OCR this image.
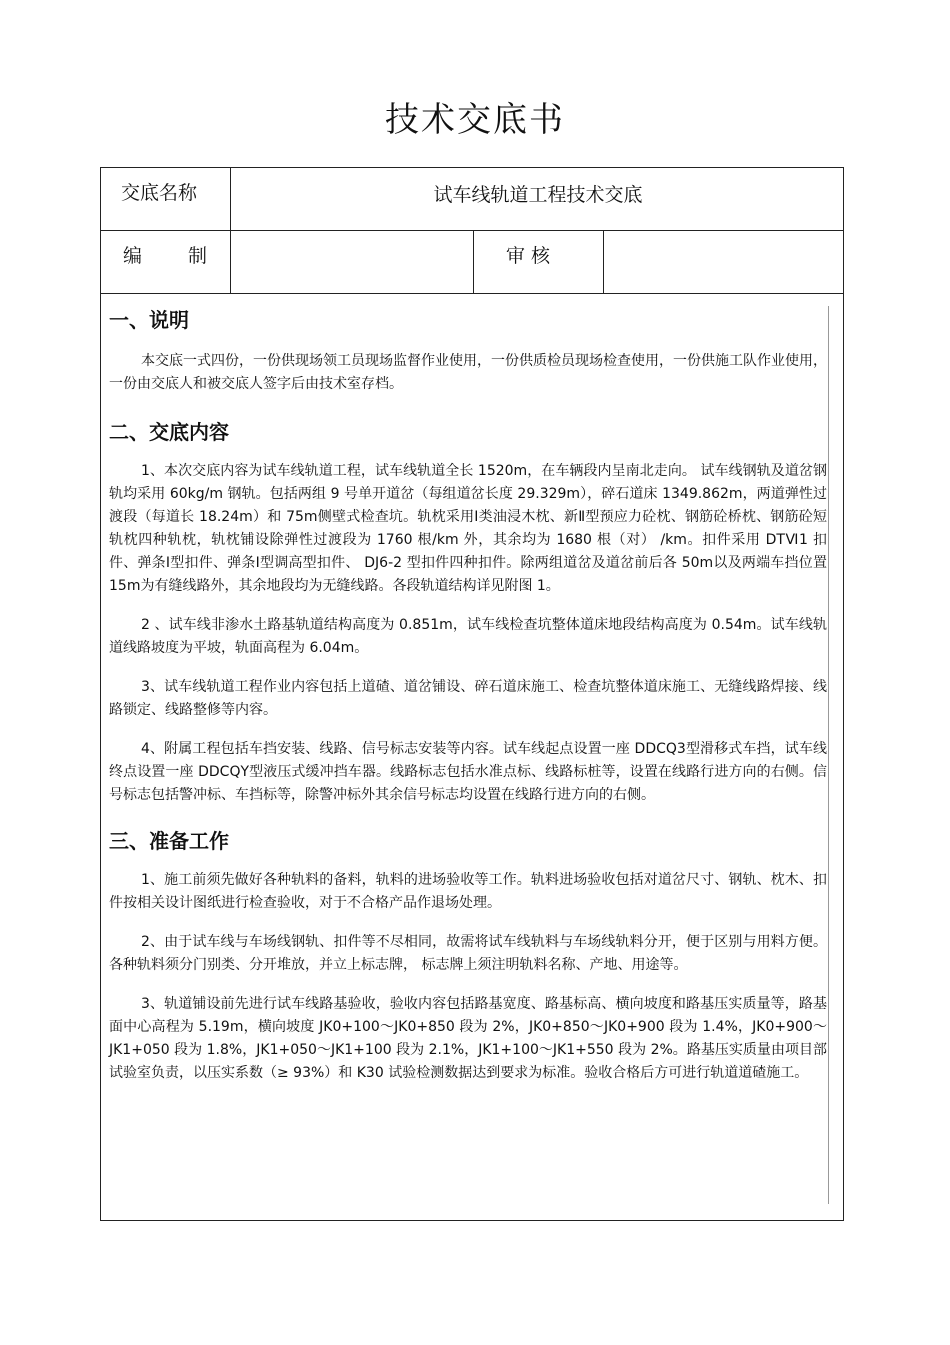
技术交底书
交底名称	试车线轨道工程技术交底
编 制	审 核
一、说明

本交底一式四份，一份供现场领工员现场监督作业使用，一份供质检员现场检查使用，一份供施工队作业使用，一份由交底人和被交底人签字后由技术室存档。

二、交底内容

1、本次交底内容为试车线轨道工程，试车线轨道全长 1520m，在车辆段内呈南北走向。 试车线钢轨及道岔钢轨均采用 60kg/m 钢轨。包括两组 9 号单开道岔（每组道岔长度 29.329m），碎石道床 1349.862m，两道弹性过渡段（每道长 18.24m）和 75m侧壁式检查坑。轨枕采用Ⅰ类油浸木枕、新Ⅱ型预应力砼枕、钢筋砼桥枕、钢筋砼短轨枕四种轨枕，轨枕铺设除弹性过渡段为 1760 根/km 外，其余均为 1680 根（对） /km。扣件采用 DTⅥ1 扣件、弹条Ⅰ型扣件、弹条Ⅰ型调高型扣件、 DJ6-2 型扣件四种扣件。除两组道岔及道岔前后各 50m以及两端车挡位置 15m为有缝线路外，其余地段均为无缝线路。各段轨道结构详见附图 1。

2 、试车线非渗水土路基轨道结构高度为 0.851m，试车线检查坑整体道床地段结构高度为 0.54m。试车线轨道线路坡度为平坡，轨面高程为 6.04m。

3、试车线轨道工程作业内容包括上道碴、道岔铺设、碎石道床施工、检查坑整体道床施工、无缝线路焊接、线路锁定、线路整修等内容。

4、附属工程包括车挡安装、线路、信号标志安装等内容。试车线起点设置一座 DDCQ3型滑移式车挡，试车线终点设置一座 DDCQY型液压式缓冲挡车器。线路标志包括水准点标、线路标桩等，设置在线路行进方向的右侧。信号标志包括警冲标、车挡标等，除警冲标外其余信号标志均设置在线路行进方向的右侧。

三、准备工作

1、施工前须先做好各种轨料的备料，轨料的进场验收等工作。轨料进场验收包括对道岔尺寸、钢轨、枕木、扣件按相关设计图纸进行检查验收，对于不合格产品作退场处理。

2、由于试车线与车场线钢轨、扣件等不尽相同，故需将试车线轨料与车场线轨料分开，便于区别与用料方便。各种轨料须分门别类、分开堆放，并立上标志牌， 标志牌上须注明轨料名称、产地、用途等。

3、轨道铺设前先进行试车线路基验收，验收内容包括路基宽度、路基标高、横向坡度和路基压实质量等，路基面中心高程为 5.19m，横向坡度 JK0+100～JK0+850 段为 2%，JK0+850～JK0+900 段为 1.4%，JK0+900～JK1+050 段为 1.8%，JK1+050～JK1+100 段为 2.1%，JK1+100～JK1+550 段为 2%。路基压实质量由项目部试验室负责，以压实系数（≥ 93%）和 K30 试验检测数据达到要求为标准。验收合格后方可进行轨道道碴施工。
